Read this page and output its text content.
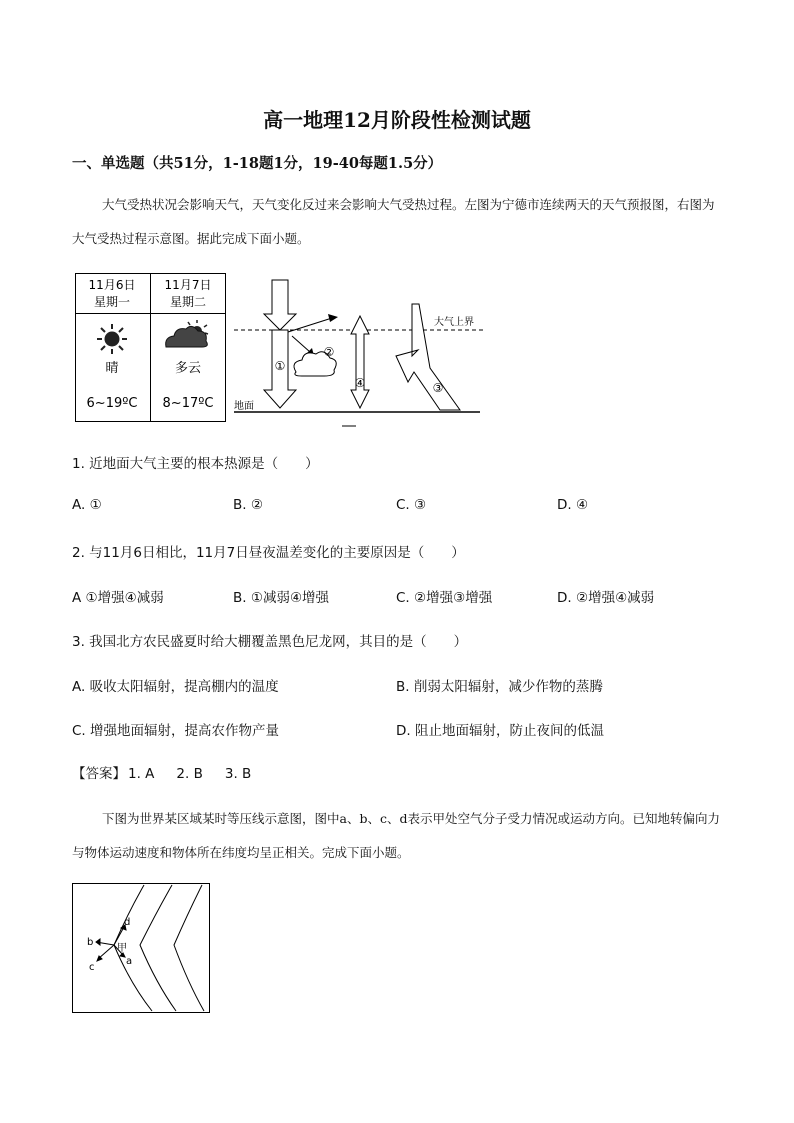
高一地理12月阶段性检测试题
一、单选题（共51分，1-18题1分，19-40每题1.5分）
大气受热状况会影响天气，天气变化反过来会影响大气受热过程。左图为宁德市连续两天的天气预报图，右图为大气受热过程示意图。据此完成下面小题。
11月6日
星期一
11月7日
星期二
晴	多云
6~19ºC 8~17ºC
大气上界
地面
①
②
④	③
1. 近地面大气主要的根本热源是（　　）
A. ①	B. ②	C. ③	D. ④
2. 与11月6日相比，11月7日昼夜温差变化的主要原因是（　　）
A ①增强④减弱	B. ①减弱④增强	C. ②增强③增强	D. ②增强④减弱
3. 我国北方农民盛夏时给大棚覆盖黑色尼龙网，其目的是（　　）
A. 吸收太阳辐射，提高棚内的温度	B. 削弱太阳辐射，减少作物的蒸腾
C. 增强地面辐射，提高农作物产量	D. 阻止地面辐射，防止夜间的低温
【答案】 1. A 2. B 3. B
下图为世界某区域某时等压线示意图，图中a、b、c、d表示甲处空气分子受力情况或运动方向。已知地转偏向力与物体运动速度和物体所在纬度均呈正相关。完成下面小题。
甲
a
b
c
d
